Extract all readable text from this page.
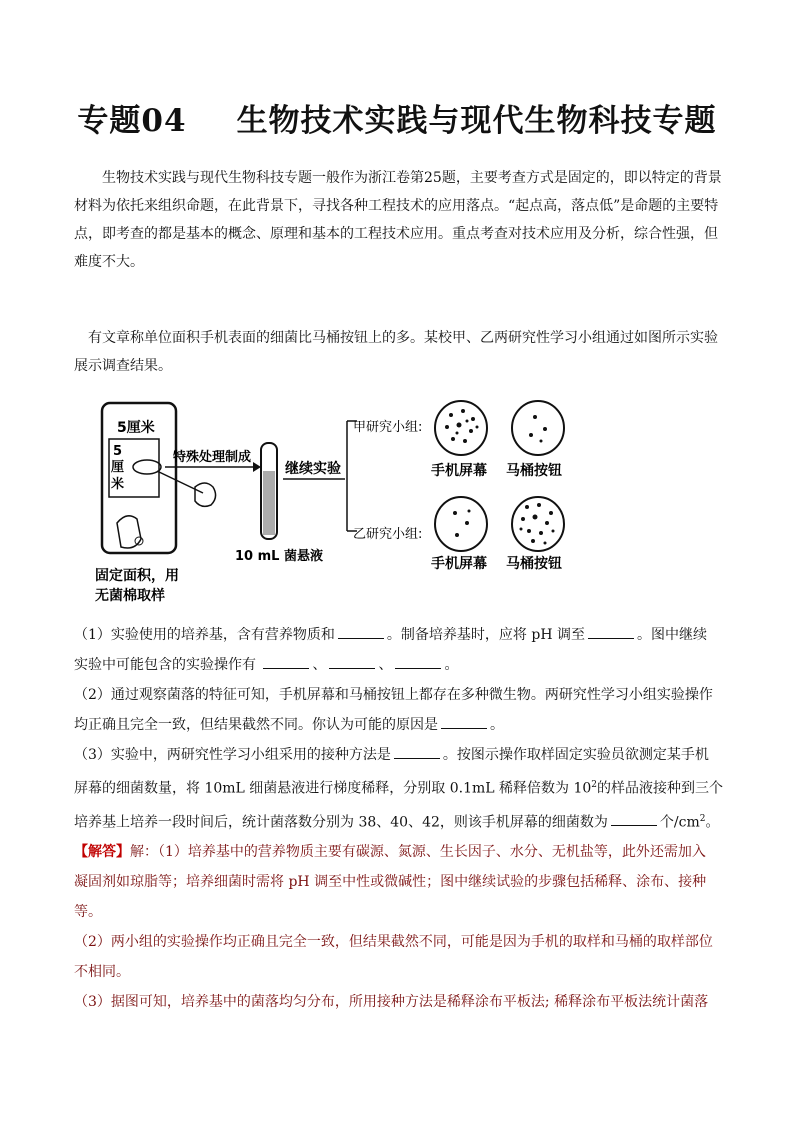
专题04 生物技术实践与现代生物科技专题

生物技术实践与现代生物科技专题一般作为浙江卷第25题，主要考查方式是固定的，即以特定的背景材料为依托来组织命题，在此背景下，寻找各种工程技术的应用落点。“起点高，落点低”是命题的主要特点，即考查的都是基本的概念、原理和基本的工程技术应用。重点考查对技术应用及分析，综合性强，但难度不大。

有文章称单位面积手机表面的细菌比马桶按钮上的多。某校甲、乙两研究性学习小组通过如图所示实验展示调查结果。

5厘米
5
厘
米
固定面积，用
无菌棉取样
特殊处理制成
10 mL 菌悬液
继续实验
甲研究小组:
乙研究小组:
手机屏幕 马桶按钮
手机屏幕 马桶按钮

（1）实验使用的培养基，含有营养物质和	。制备培养基时，应将 pH 调至	。图中继续

实验中可能包含的实验操作有	、	、	。

（2）通过观察菌落的特征可知，手机屏幕和马桶按钮上都存在多种微生物。两研究性学习小组实验操作

均正确且完全一致，但结果截然不同。你认为可能的原因是	。

（3）实验中，两研究性学习小组采用的接种方法是	。按图示操作取样固定实验员欲测定某手机

屏幕的细菌数量，将 10mL 细菌悬液进行梯度稀释，分别取 0.1mL 稀释倍数为 $10^2$的样品液接种到三个

培养基上培养一段时间后，统计菌落数分别为 38、40、42，则该手机屏幕的细菌数为	个$/cm^2$。

【解答】解：（1）培养基中的营养物质主要有碳源、氮源、生长因子、水分、无机盐等，此外还需加入

凝固剂如琼脂等；培养细菌时需将 pH 调至中性或微碱性；图中继续试验的步骤包括稀释、涂布、接种

等。

（2）两小组的实验操作均正确且完全一致，但结果截然不同，可能是因为手机的取样和马桶的取样部位

不相同。

（3）据图可知，培养基中的菌落均匀分布，所用接种方法是稀释涂布平板法; 稀释涂布平板法统计菌落
